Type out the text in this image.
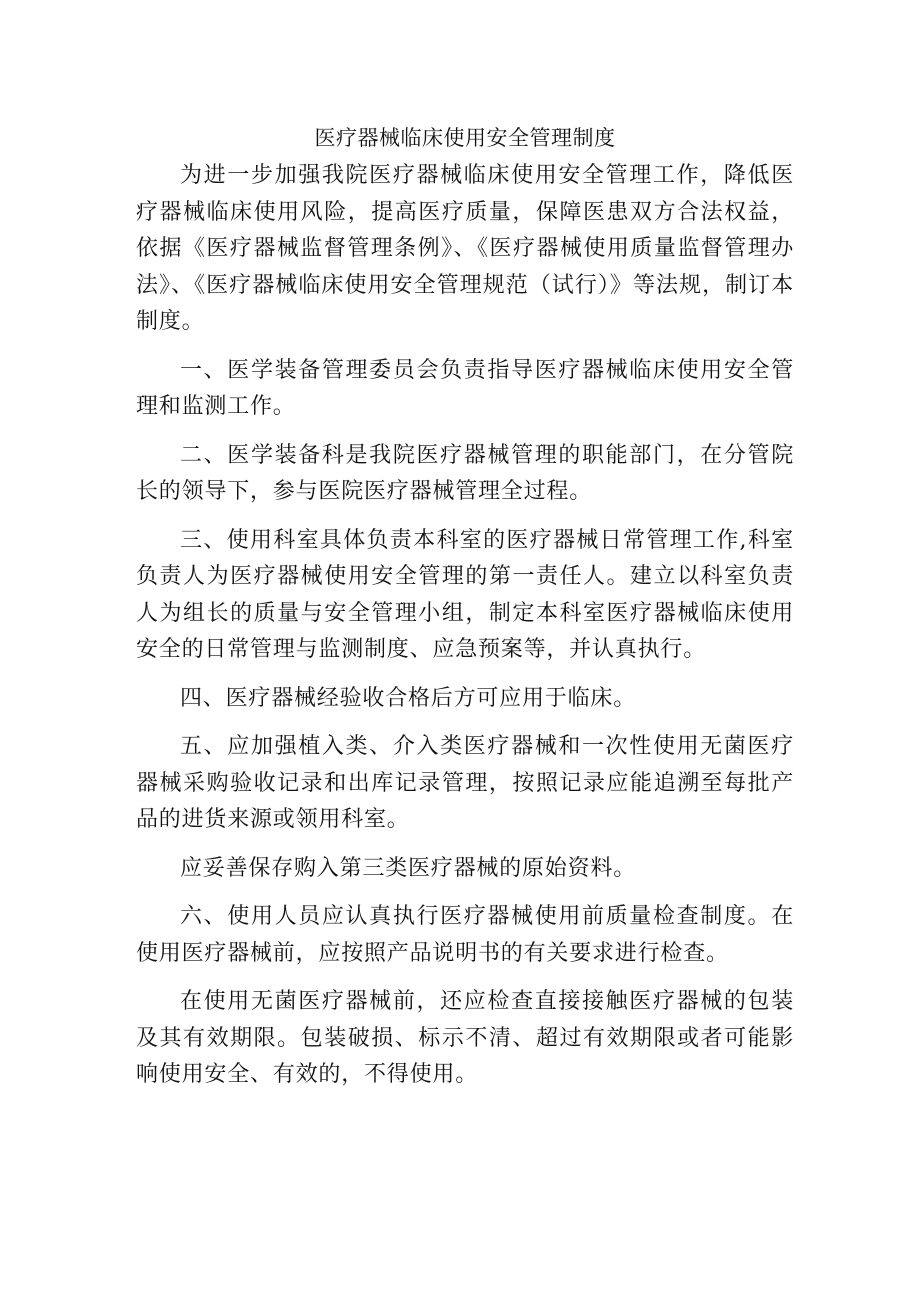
医疗器械临床使用安全管理制度

为进一步加强我院医疗器械临床使用安全管理工作，降低医疗器械临床使用风险，提高医疗质量，保障医患双方合法权益，依据《医疗器械监督管理条例》、《医疗器械使用质量监督管理办法》、《医疗器械临床使用安全管理规范（试行）》等法规，制订本制度。

一、医学装备管理委员会负责指导医疗器械临床使用安全管理和监测工作。

二、医学装备科是我院医疗器械管理的职能部门，在分管院长的领导下，参与医院医疗器械管理全过程。

三、使用科室具体负责本科室的医疗器械日常管理工作,科室负责人为医疗器械使用安全管理的第一责任人。建立以科室负责人为组长的质量与安全管理小组，制定本科室医疗器械临床使用安全的日常管理与监测制度、应急预案等，并认真执行。

四、医疗器械经验收合格后方可应用于临床。

五、应加强植入类、介入类医疗器械和一次性使用无菌医疗器械采购验收记录和出库记录管理，按照记录应能追溯至每批产品的进货来源或领用科室。

应妥善保存购入第三类医疗器械的原始资料。

六、使用人员应认真执行医疗器械使用前质量检查制度。在使用医疗器械前，应按照产品说明书的有关要求进行检查。

在使用无菌医疗器械前，还应检查直接接触医疗器械的包装及其有效期限。包装破损、标示不清、超过有效期限或者可能影响使用安全、有效的，不得使用。
